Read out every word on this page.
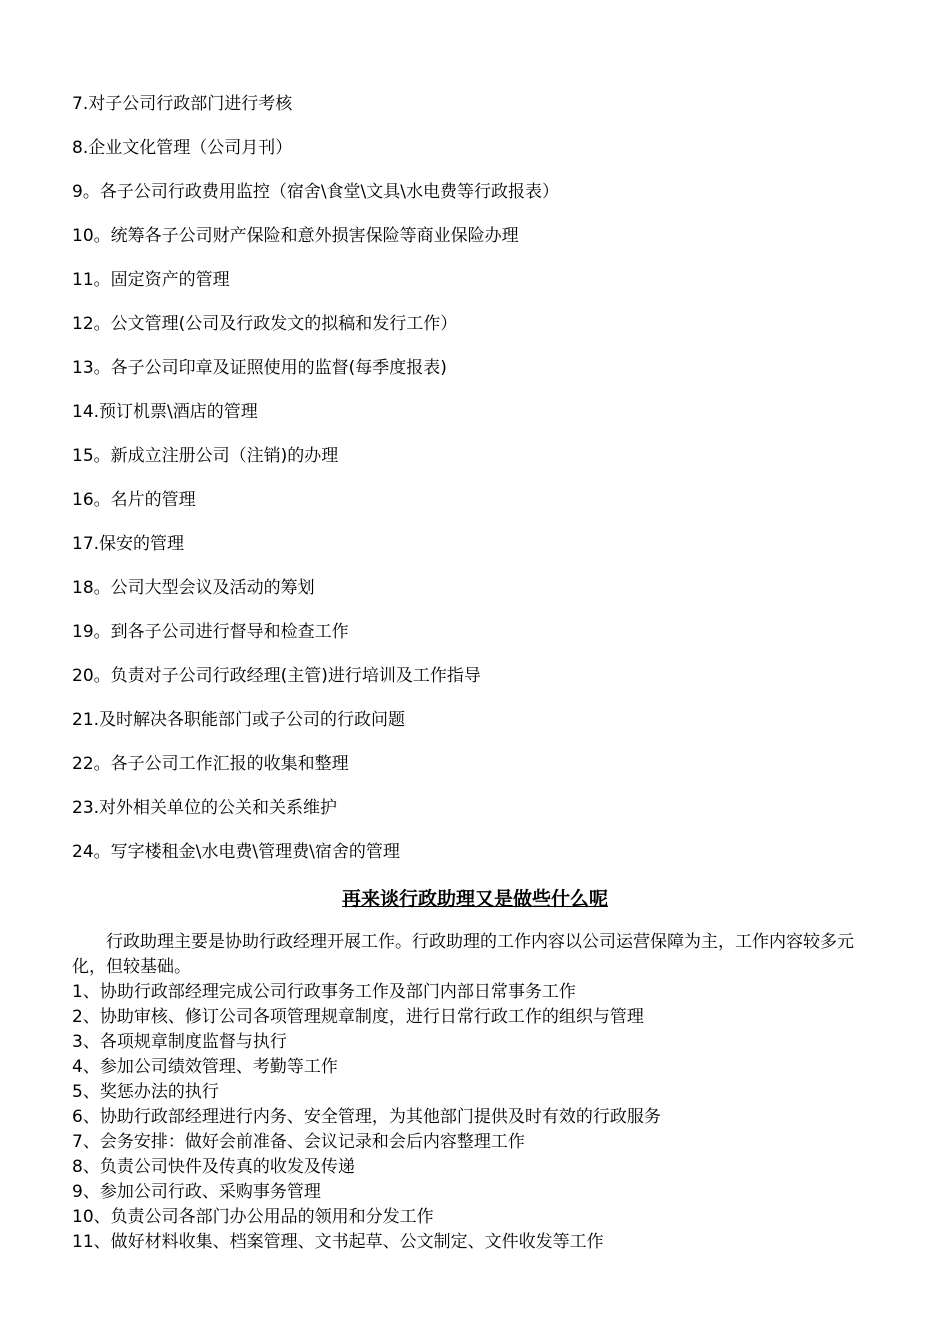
7.对子公司行政部门进行考核
8.企业文化管理（公司月刊）
9。各子公司行政费用监控（宿舍\食堂\文具\水电费等行政报表）
10。统筹各子公司财产保险和意外损害保险等商业保险办理
11。固定资产的管理
12。公文管理(公司及行政发文的拟稿和发行工作）
13。各子公司印章及证照使用的监督(每季度报表)
14.预订机票\酒店的管理
15。新成立注册公司（注销)的办理
16。名片的管理
17.保安的管理
18。公司大型会议及活动的筹划
19。到各子公司进行督导和检查工作
20。负责对子公司行政经理(主管)进行培训及工作指导
21.及时解决各职能部门或子公司的行政问题
22。各子公司工作汇报的收集和整理
23.对外相关单位的公关和关系维护
24。写字楼租金\水电费\管理费\宿舍的管理
再来谈行政助理又是做些什么呢
行政助理主要是协助行政经理开展工作。行政助理的工作内容以公司运营保障为主，工作内容较多元化，但较基础。
1、协助行政部经理完成公司行政事务工作及部门内部日常事务工作
2、协助审核、修订公司各项管理规章制度，进行日常行政工作的组织与管理
3、各项规章制度监督与执行
4、参加公司绩效管理、考勤等工作
5、奖惩办法的执行
6、协助行政部经理进行内务、安全管理，为其他部门提供及时有效的行政服务
7、会务安排：做好会前准备、会议记录和会后内容整理工作
8、负责公司快件及传真的收发及传递
9、参加公司行政、采购事务管理
10、负责公司各部门办公用品的领用和分发工作
11、做好材料收集、档案管理、文书起草、公文制定、文件收发等工作
